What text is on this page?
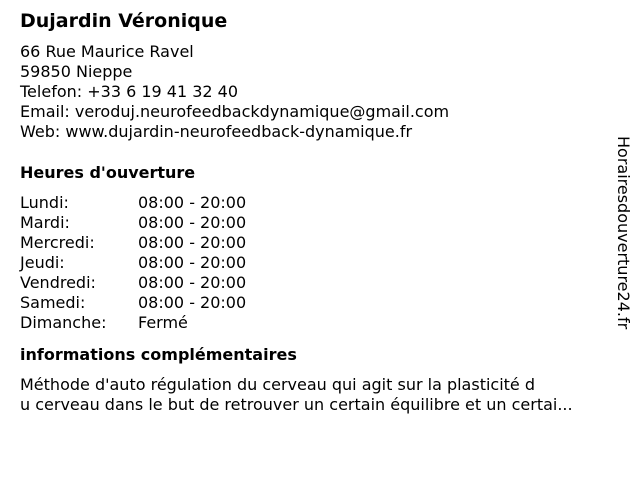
Dujardin Véronique
66 Rue Maurice Ravel
59850 Nieppe
Telefon: +33 6 19 41 32 40
Email: veroduj.neurofeedbackdynamique@gmail.com
Web: www.dujardin-neurofeedback-dynamique.fr
Heures d'ouverture
Lundi:	08:00 - 20:00
Mardi:	08:00 - 20:00
Mercredi:	08:00 - 20:00
Jeudi:	08:00 - 20:00
Vendredi:	08:00 - 20:00
Samedi:	08:00 - 20:00
Dimanche:	Fermé
informations complémentaires
Méthode d'auto régulation du cerveau qui agit sur la plasticité d
u cerveau dans le but de retrouver un certain équilibre et un certai...
Horairesdouverture24.fr
